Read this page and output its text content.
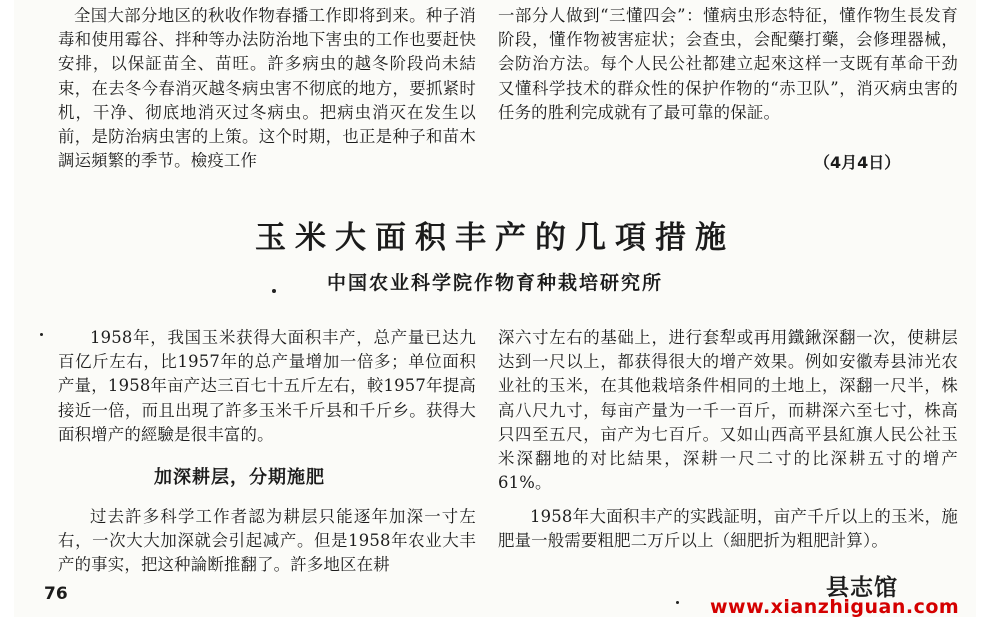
全国大部分地区的秋收作物春播工作即将到来。种子消毒和使用霉谷、拌种等办法防治地下害虫的工作也要赶快安排，以保証苗全、苗旺。許多病虫的越冬阶段尚未結束，在去冬今春消灭越冬病虫害不彻底的地方，要抓紧时机，干净、彻底地消灭过冬病虫。把病虫消灭在发生以前，是防治病虫害的上策。这个时期，也正是种子和苗木調运頻繁的季节。檢疫工作

一部分人做到“三懂四会”：懂病虫形态特征，懂作物生長发育阶段，懂作物被害症状；会查虫，会配藥打藥，会修理器械，会防治方法。每个人民公社都建立起來这样一支既有革命干劲又懂科学技术的群众性的保护作物的“赤卫队”，消灭病虫害的任务的胜利完成就有了最可靠的保証。

（4月4日）

玉米大面积丰产的几項措施
中国农业科学院作物育种栽培研究所

1958年，我国玉米获得大面积丰产，总产量已达九百亿斤左右，比1957年的总产量增加一倍多；单位面积产量，1958年亩产达三百七十五斤左右，較1957年提高接近一倍，而且出現了許多玉米千斤县和千斤乡。获得大面积增产的經驗是很丰富的。

加深耕层，分期施肥

过去許多科学工作者認为耕层只能逐年加深一寸左右，一次大大加深就会引起减产。但是1958年农业大丰产的事实，把这种論断推翻了。許多地区在耕

深六寸左右的基础上，进行套犁或再用鐵鍬深翻一次，使耕层达到一尺以上，都获得很大的增产效果。例如安徽寿县沛光农业社的玉米，在其他栽培条件相同的土地上，深翻一尺半，株高八尺九寸，每亩产量为一千一百斤，而耕深六至七寸，株高只四至五尺，亩产为七百斤。又如山西高平县紅旗人民公社玉米深翻地的对比結果，深耕一尺二寸的比深耕五寸的增产61%。

1958年大面积丰产的实践証明，亩产千斤以上的玉米，施肥量一般需要粗肥二万斤以上（細肥折为粗肥計算）。

76	县志馆

www.xianzhiguan.com
